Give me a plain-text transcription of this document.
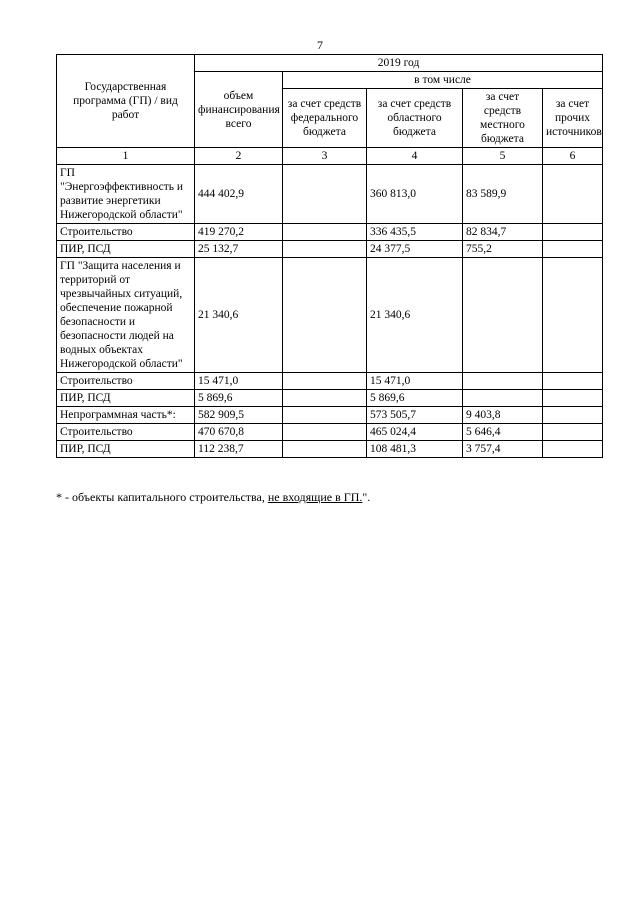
7
Государственная программа (ГП) / вид работ	2019 год				
	объем финансирования всего	в том числе			
		за счет средств федерального бюджета	за счет средств областного бюджета	за счет средств местного бюджета	за счет прочих источников
1	2	3	4	5	6
ГП "Энергоэффективность и развитие энергетики Нижегородской области"	444 402,9		360 813,0	83 589,9	
Строительство	419 270,2		336 435,5	82 834,7	
ПИР, ПСД	25 132,7		24 377,5	755,2	
ГП "Защита населения и территорий от чрезвычайных ситуаций, обеспечение пожарной безопасности и безопасности людей на водных объектах Нижегородской области"	21 340,6		21 340,6		
Строительство	15 471,0		15 471,0		
ПИР, ПСД	5 869,6		5 869,6		
Непрограммная часть*:	582 909,5		573 505,7	9 403,8	
Строительство	470 670,8		465 024,4	5 646,4	
ПИР, ПСД	112 238,7		108 481,3	3 757,4	
* - объекты капитального строительства, не входящие в ГП.".
